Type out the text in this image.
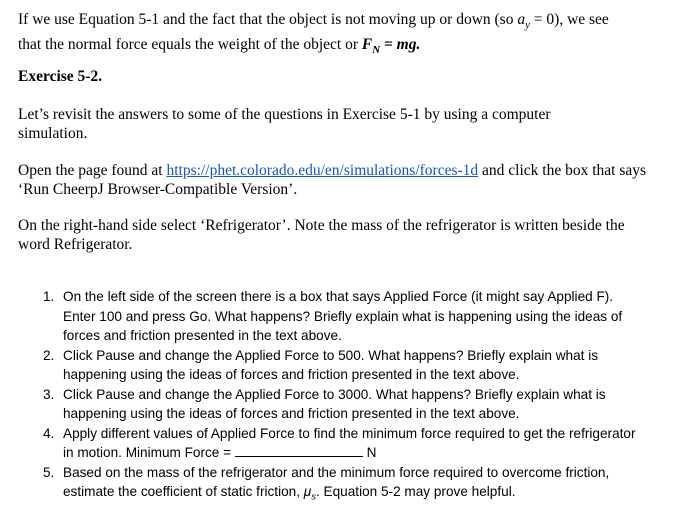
If we use Equation 5-1 and the fact that the object is not moving up or down (so $a_y = 0$), we see
that the normal force equals the weight of the object or $F_N$ = mg.
Exercise 5-2.
Let’s revisit the answers to some of the questions in Exercise 5-1 by using a computer simulation.
Open the page found at https://phet.colorado.edu/en/simulations/forces-1d and click the box that says ‘Run CheerpJ Browser-Compatible Version’.
On the right-hand side select ‘Refrigerator’. Note the mass of the refrigerator is written beside the word Refrigerator.
1. On the left side of the screen there is a box that says Applied Force (it might say Applied F). Enter 100 and press Go. What happens? Briefly explain what is happening using the ideas of forces and friction presented in the text above.
2. Click Pause and change the Applied Force to 500. What happens? Briefly explain what is happening using the ideas of forces and friction presented in the text above.
3. Click Pause and change the Applied Force to 3000. What happens? Briefly explain what is happening using the ideas of forces and friction presented in the text above.
4. Apply different values of Applied Force to find the minimum force required to get the refrigerator in motion. Minimum Force =	N
5. Based on the mass of the refrigerator and the minimum force required to overcome friction, estimate the coefficient of static friction, $\mu_s$. Equation 5-2 may prove helpful.
